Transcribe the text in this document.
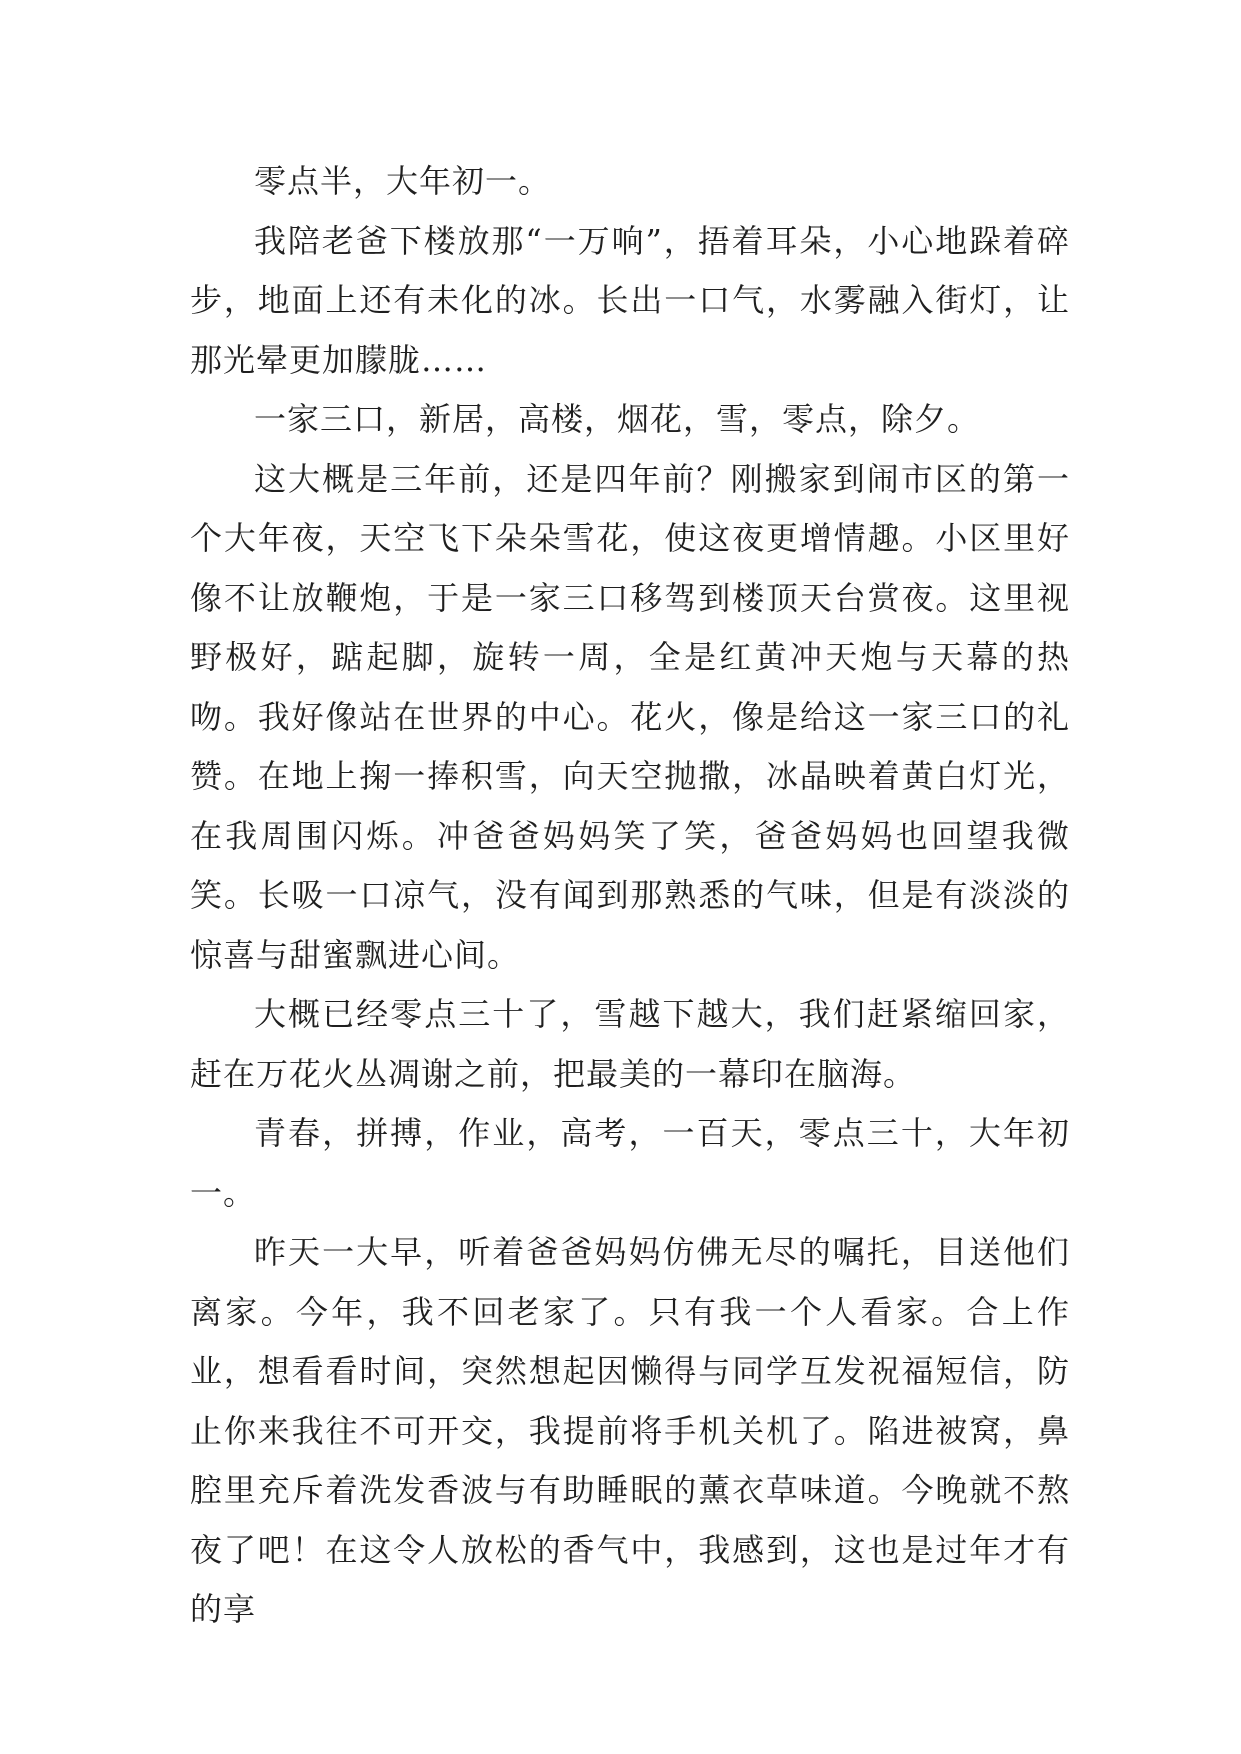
零点半，大年初一。

我陪老爸下楼放那“一万响”，捂着耳朵，小心地跺着碎步，地面上还有未化的冰。长出一口气，水雾融入街灯，让那光晕更加朦胧……

一家三口，新居，高楼，烟花，雪，零点，除夕。

这大概是三年前，还是四年前？刚搬家到闹市区的第一个大年夜，天空飞下朵朵雪花，使这夜更增情趣。小区里好像不让放鞭炮，于是一家三口移驾到楼顶天台赏夜。这里视野极好，踮起脚，旋转一周，全是红黄冲天炮与天幕的热吻。我好像站在世界的中心。花火，像是给这一家三口的礼赞。在地上掬一捧积雪，向天空抛撒，冰晶映着黄白灯光，在我周围闪烁。冲爸爸妈妈笑了笑，爸爸妈妈也回望我微笑。长吸一口凉气，没有闻到那熟悉的气味，但是有淡淡的惊喜与甜蜜飘进心间。

大概已经零点三十了，雪越下越大，我们赶紧缩回家，赶在万花火丛凋谢之前，把最美的一幕印在脑海。

青春，拼搏，作业，高考，一百天，零点三十，大年初一。

昨天一大早，听着爸爸妈妈仿佛无尽的嘱托，目送他们离家。今年，我不回老家了。只有我一个人看家。合上作业，想看看时间，突然想起因懒得与同学互发祝福短信，防止你来我往不可开交，我提前将手机关机了。陷进被窝，鼻腔里充斥着洗发香波与有助睡眠的薰衣草味道。今晚就不熬夜了吧！在这令人放松的香气中，我感到，这也是过年才有的享
